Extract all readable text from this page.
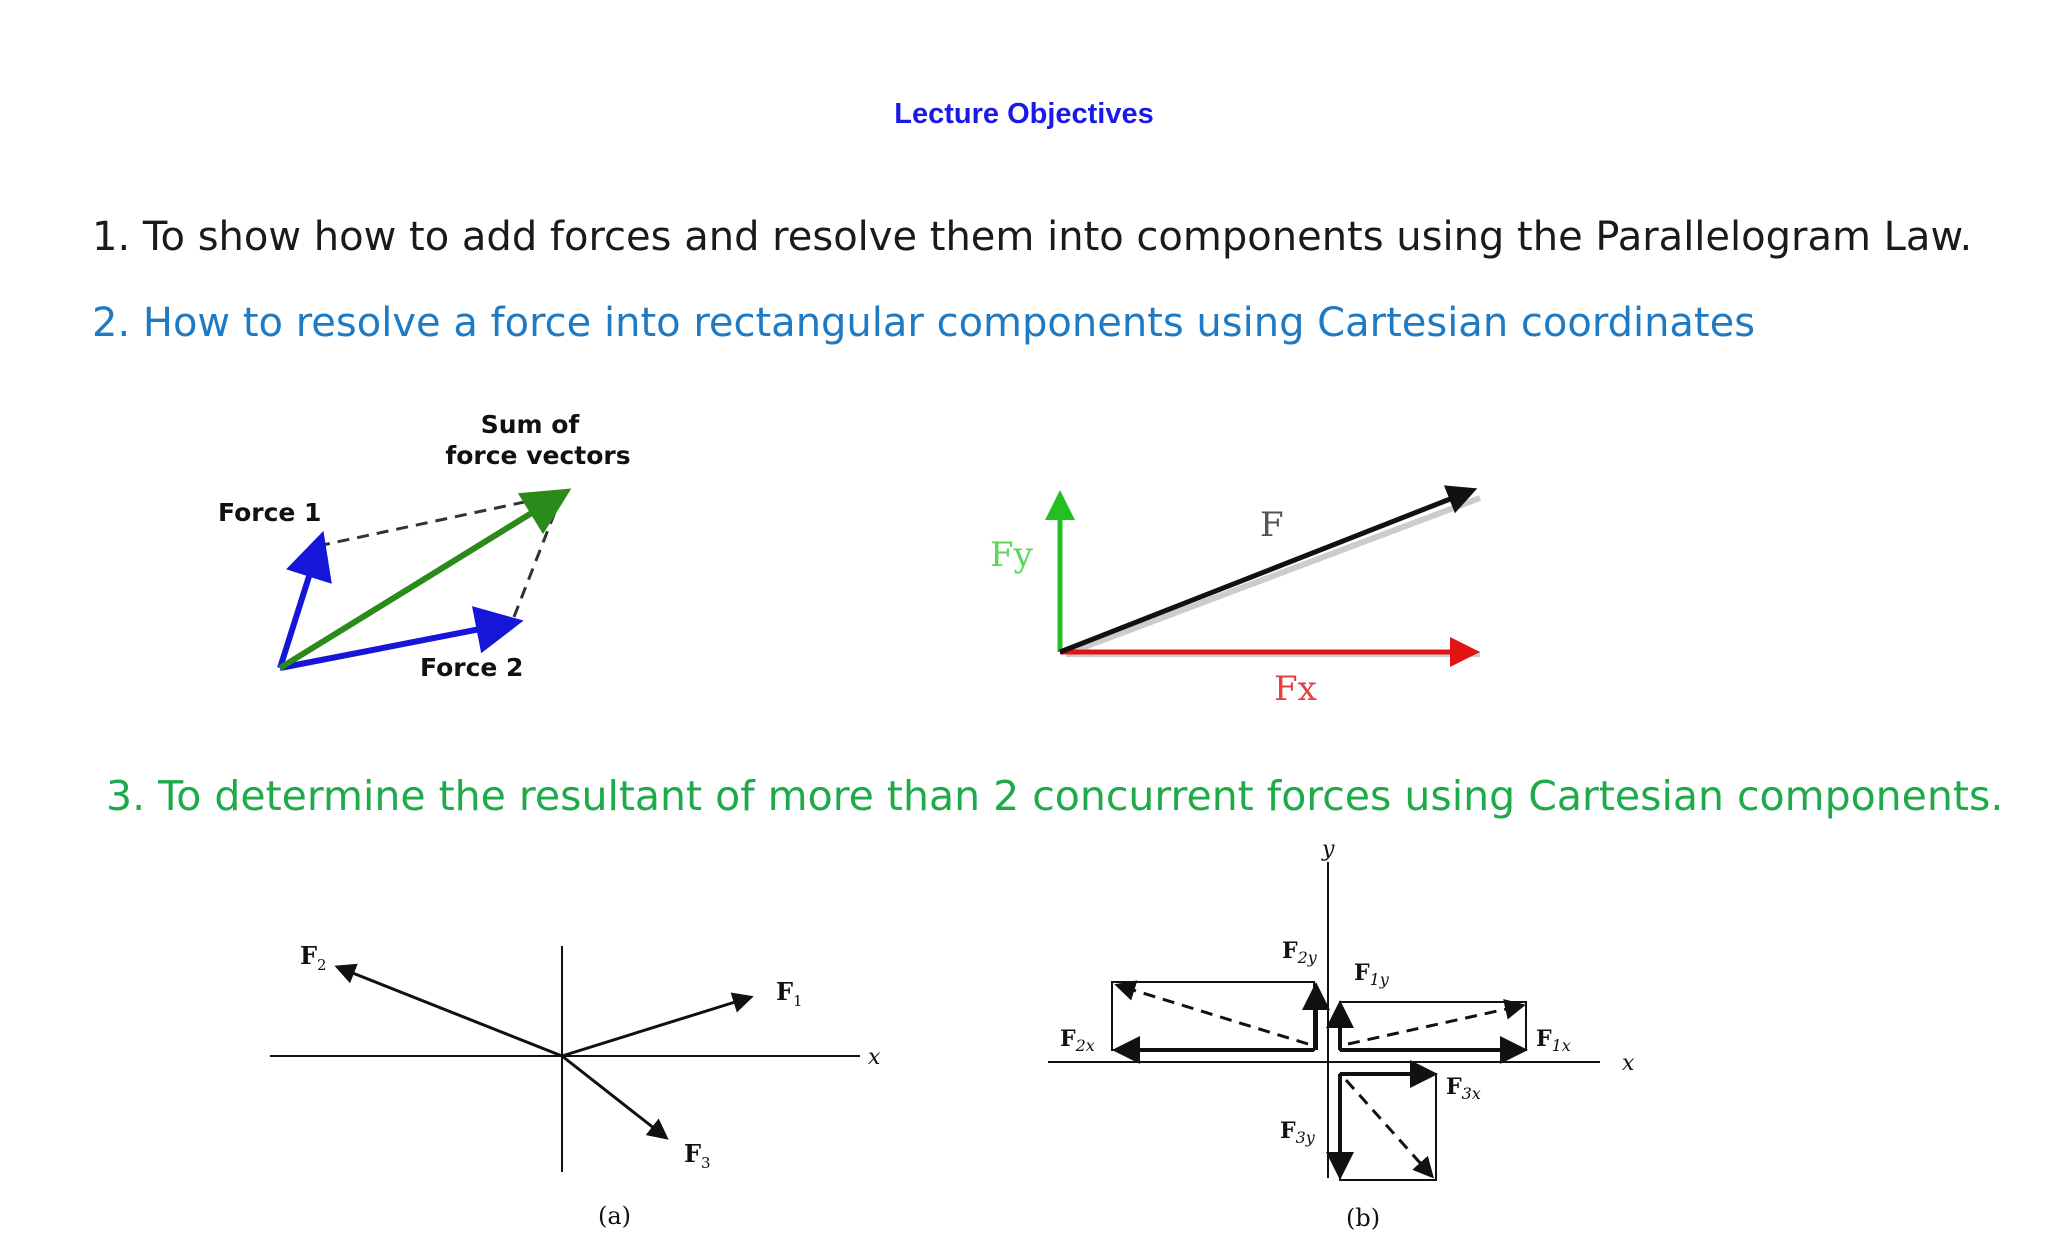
Lecture Objectives
1. To show how to add forces and resolve them into components using the Parallelogram Law.
2. How to resolve a force into rectangular components using Cartesian coordinates
3. To determine the resultant of more than 2 concurrent forces using Cartesian components.
Sum of
force vectors
Force 1
Force 2
F
Fy
Fx
$F_1$
$F_2$
$F_3$
x
(a)
y
x
$F_{2y}$
$F_{1y}$
$F_{2x}$	$F_{1x}$
$F_{3x}$
$F_{3y}$
(b)
